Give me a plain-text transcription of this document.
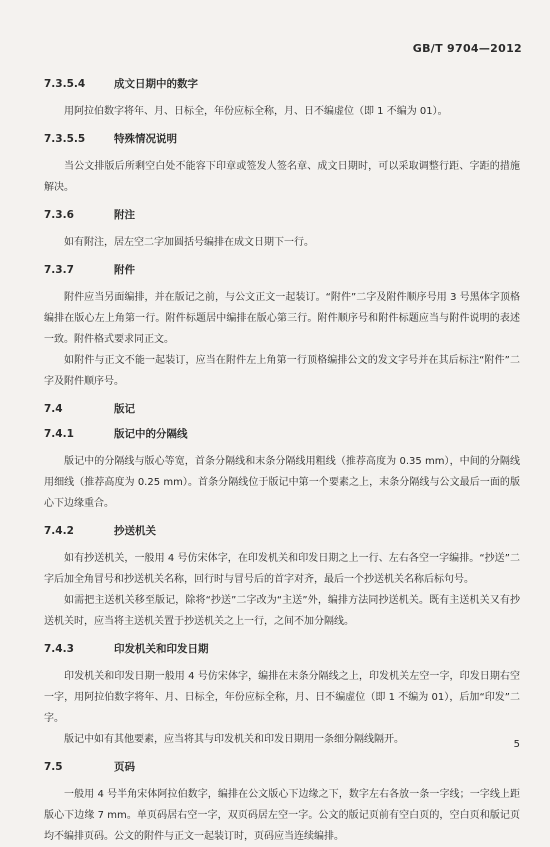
GB/T 9704—2012
7.3.5.4	成文日期中的数字

用阿拉伯数字将年、月、日标全，年份应标全称，月、日不编虚位（即 1 不编为 01）。

7.3.5.5	特殊情况说明

当公文排版后所剩空白处不能容下印章或签发人签名章、成文日期时，可以采取调整行距、字距的措施解决。

7.3.6	附注

如有附注，居左空二字加圆括号编排在成文日期下一行。

7.3.7	附件

附件应当另面编排，并在版记之前，与公文正文一起装订。“附件”二字及附件顺序号用 3 号黑体字顶格编排在版心左上角第一行。附件标题居中编排在版心第三行。附件顺序号和附件标题应当与附件说明的表述一致。附件格式要求同正文。

如附件与正文不能一起装订，应当在附件左上角第一行顶格编排公文的发文字号并在其后标注“附件”二字及附件顺序号。

7.4	版记
7.4.1	版记中的分隔线

版记中的分隔线与版心等宽，首条分隔线和末条分隔线用粗线（推荐高度为 0.35 mm），中间的分隔线用细线（推荐高度为 0.25 mm）。首条分隔线位于版记中第一个要素之上，末条分隔线与公文最后一面的版心下边缘重合。

7.4.2	抄送机关

如有抄送机关，一般用 4 号仿宋体字，在印发机关和印发日期之上一行、左右各空一字编排。“抄送”二字后加全角冒号和抄送机关名称，回行时与冒号后的首字对齐，最后一个抄送机关名称后标句号。

如需把主送机关移至版记，除将“抄送”二字改为“主送”外，编排方法同抄送机关。既有主送机关又有抄送机关时，应当将主送机关置于抄送机关之上一行，之间不加分隔线。

7.4.3	印发机关和印发日期

印发机关和印发日期一般用 4 号仿宋体字，编排在末条分隔线之上，印发机关左空一字，印发日期右空一字，用阿拉伯数字将年、月、日标全，年份应标全称，月、日不编虚位（即 1 不编为 01），后加“印发”二字。

版记中如有其他要素，应当将其与印发机关和印发日期用一条细分隔线隔开。

7.5	页码

一般用 4 号半角宋体阿拉伯数字，编排在公文版心下边缘之下，数字左右各放一条一字线；一字线上距版心下边缘 7 mm。单页码居右空一字，双页码居左空一字。公文的版记页前有空白页的，空白页和版记页均不编排页码。公文的附件与正文一起装订时，页码应当连续编排。

5
